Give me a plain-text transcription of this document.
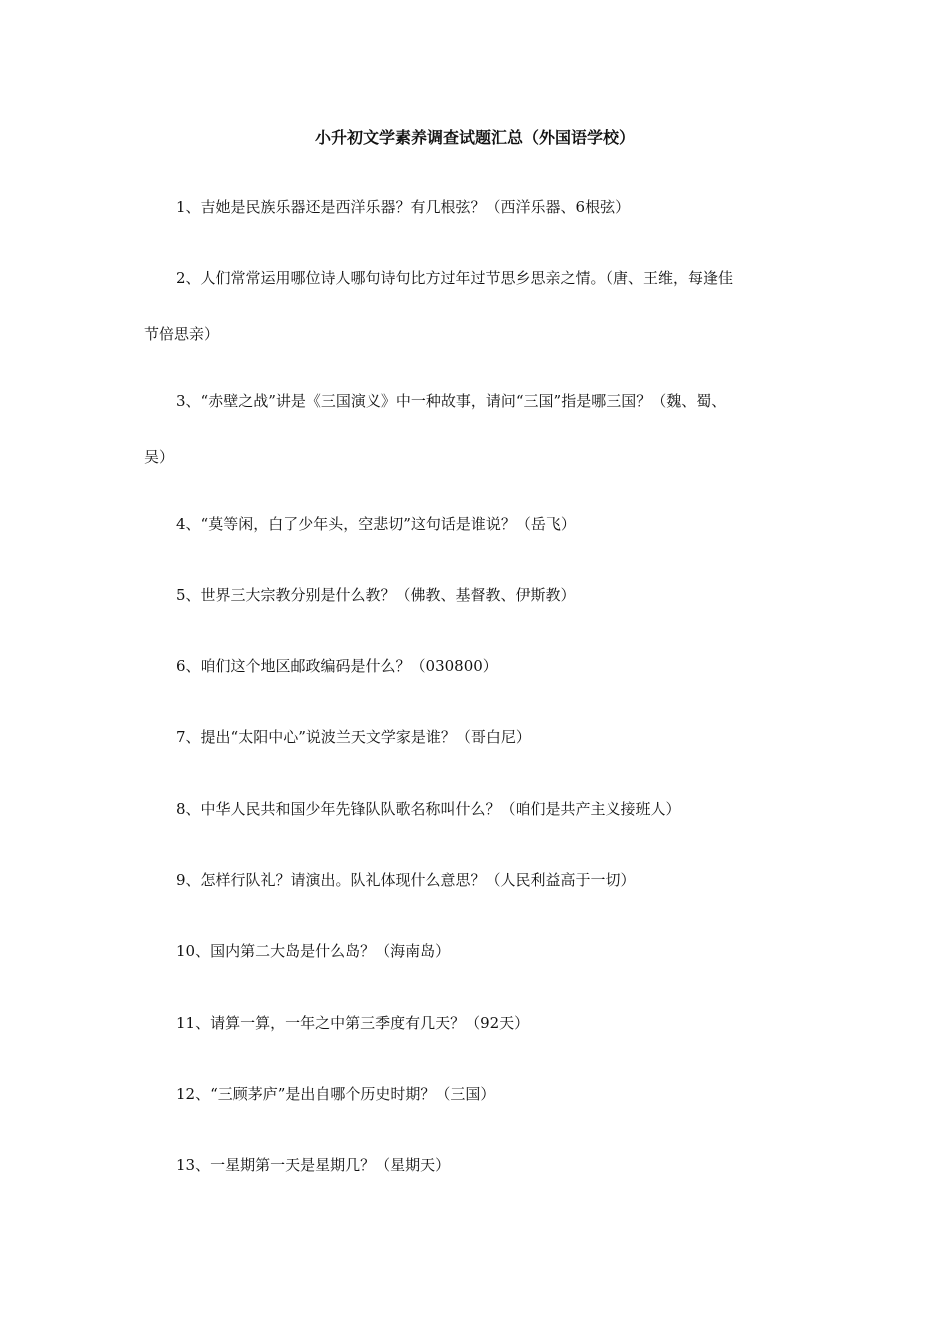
小升初文学素养调查试题汇总（外国语学校）
1、吉她是民族乐器还是西洋乐器？有几根弦？（西洋乐器、6根弦）
2、人们常常运用哪位诗人哪句诗句比方过年过节思乡思亲之情。（唐、王维，每逢佳
节倍思亲）
3、“赤壁之战”讲是《三国演义》中一种故事，请问“三国”指是哪三国？（魏、蜀、
吴）
4、“莫等闲，白了少年头，空悲切”这句话是谁说？（岳飞）
5、世界三大宗教分别是什么教？（佛教、基督教、伊斯教）
6、咱们这个地区邮政编码是什么？（030800）
7、提出“太阳中心”说波兰天文学家是谁？（哥白尼）
8、中华人民共和国少年先锋队队歌名称叫什么？（咱们是共产主义接班人）
9、怎样行队礼？请演出。队礼体现什么意思？（人民利益高于一切）
10、国内第二大岛是什么岛？（海南岛）
11、请算一算，一年之中第三季度有几天？（92天）
12、“三顾茅庐”是出自哪个历史时期？（三国）
13、一星期第一天是星期几？（星期天）
